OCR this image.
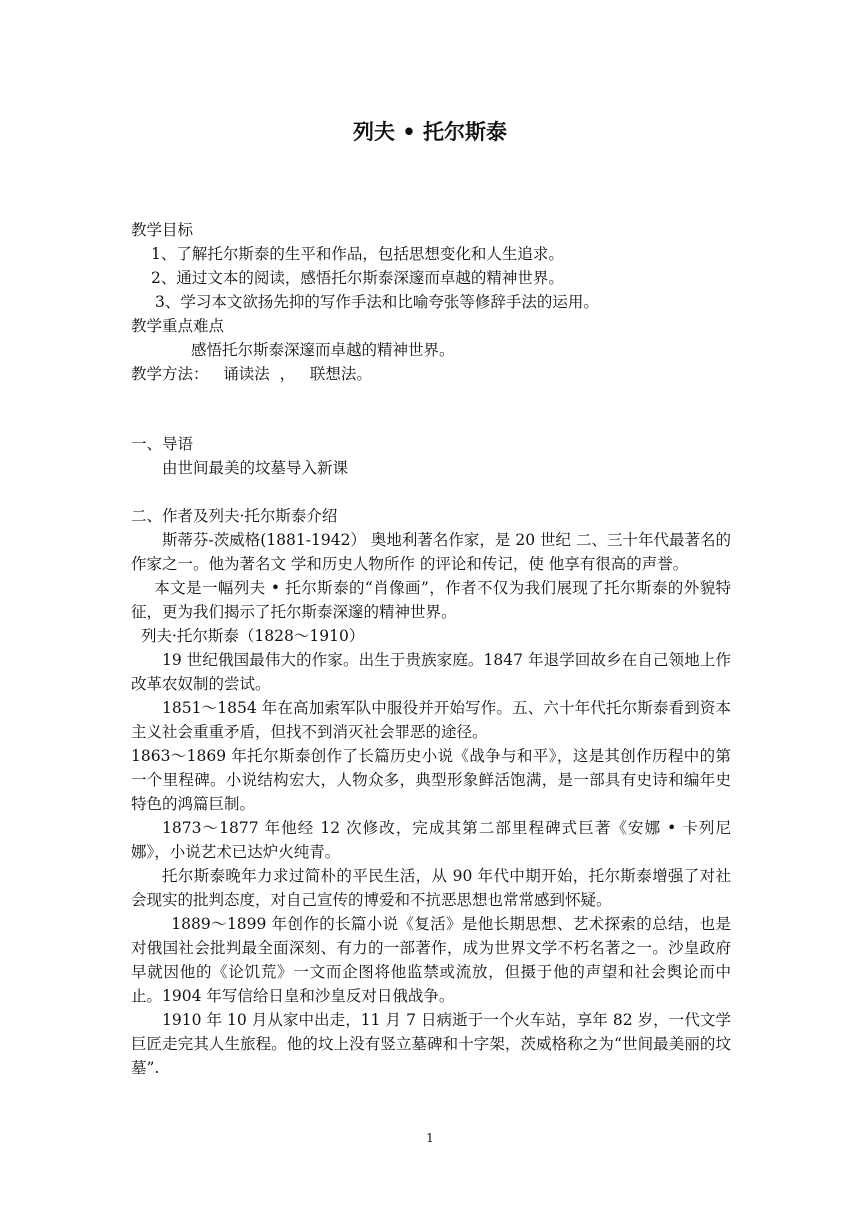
列夫 • 托尔斯泰

教学目标

1、了解托尔斯泰的生平和作品，包括思想变化和人生追求。

2、通过文本的阅读，感悟托尔斯泰深邃而卓越的精神世界。

3、学习本文欲扬先抑的写作手法和比喻夸张等修辞手法的运用。

教学重点难点

感悟托尔斯泰深邃而卓越的精神世界。

教学方法：   诵读法  ，   联想法。

一、导语

由世间最美的坟墓导入新课

二、作者及列夫·托尔斯泰介绍

斯蒂芬-茨威格(1881-1942） 奥地利著名作家，是 20 世纪 二、三十年代最著名的作家之一。他为著名文 学和历史人物所作 的评论和传记，使 他享有很高的声誉。

本文是一幅列夫 • 托尔斯泰的“肖像画”，作者不仅为我们展现了托尔斯泰的外貌特征，更为我们揭示了托尔斯泰深邃的精神世界。

列夫·托尔斯泰（1828～1910）

19 世纪俄国最伟大的作家。出生于贵族家庭。1847 年退学回故乡在自己领地上作改革农奴制的尝试。

1851～1854 年在高加索军队中服役并开始写作。五、六十年代托尔斯泰看到资本主义社会重重矛盾，但找不到消灭社会罪恶的途径。

1863～1869 年托尔斯泰创作了长篇历史小说《战争与和平》，这是其创作历程中的第一个里程碑。小说结构宏大，人物众多，典型形象鲜活饱满，是一部具有史诗和编年史特色的鸿篇巨制。

1873～1877 年他经 12 次修改，完成其第二部里程碑式巨著《安娜 • 卡列尼娜》，小说艺术已达炉火纯青。

托尔斯泰晚年力求过简朴的平民生活，从 90 年代中期开始，托尔斯泰增强了对社会现实的批判态度，对自己宣传的博爱和不抗恶思想也常常感到怀疑。

1889～1899 年创作的长篇小说《复活》是他长期思想、艺术探索的总结，也是对俄国社会批判最全面深刻、有力的一部著作，成为世界文学不朽名著之一。沙皇政府早就因他的《论饥荒》一文而企图将他监禁或流放，但摄于他的声望和社会舆论而中止。1904 年写信给日皇和沙皇反对日俄战争。

1910 年 10 月从家中出走，11 月 7 日病逝于一个火车站，享年 82 岁，一代文学巨匠走完其人生旅程。他的坟上没有竖立墓碑和十字架，茨威格称之为“世间最美丽的坟墓”.

1
